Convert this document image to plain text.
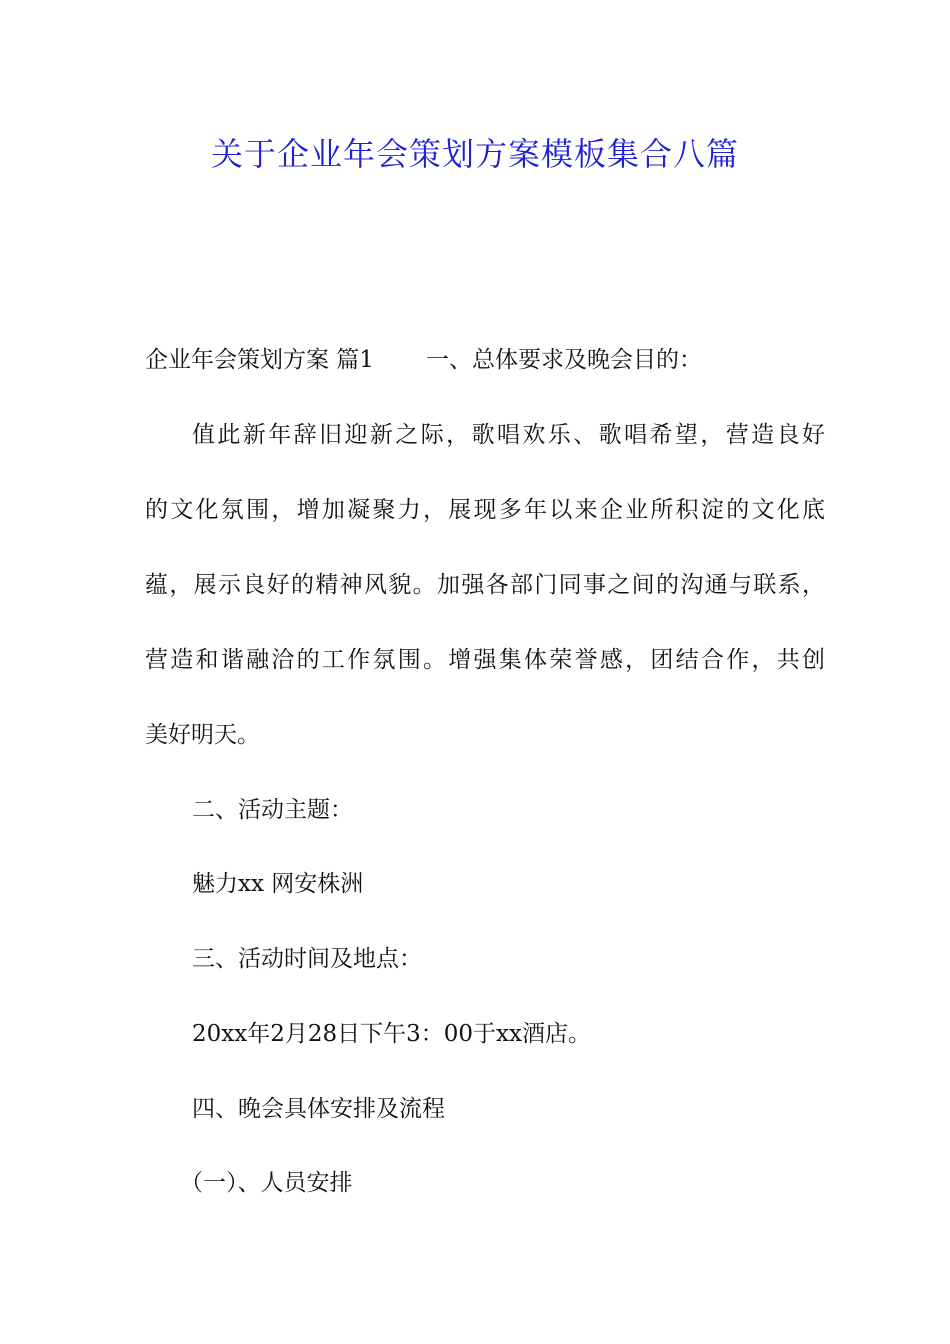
关于企业年会策划方案模板集合八篇
企业年会策划方案 篇1 一、总体要求及晚会目的：
值此新年辞旧迎新之际，歌唱欢乐、歌唱希望，营造良好
的文化氛围，增加凝聚力，展现多年以来企业所积淀的文化底
蕴，展示良好的精神风貌。加强各部门同事之间的沟通与联系，
营造和谐融洽的工作氛围。增强集体荣誉感，团结合作，共创
美好明天。
二、活动主题：
魅力xx 网安株洲
三、活动时间及地点：
20xx年2月28日下午3：00于xx酒店。
四、晚会具体安排及流程
（一）、人员安排
